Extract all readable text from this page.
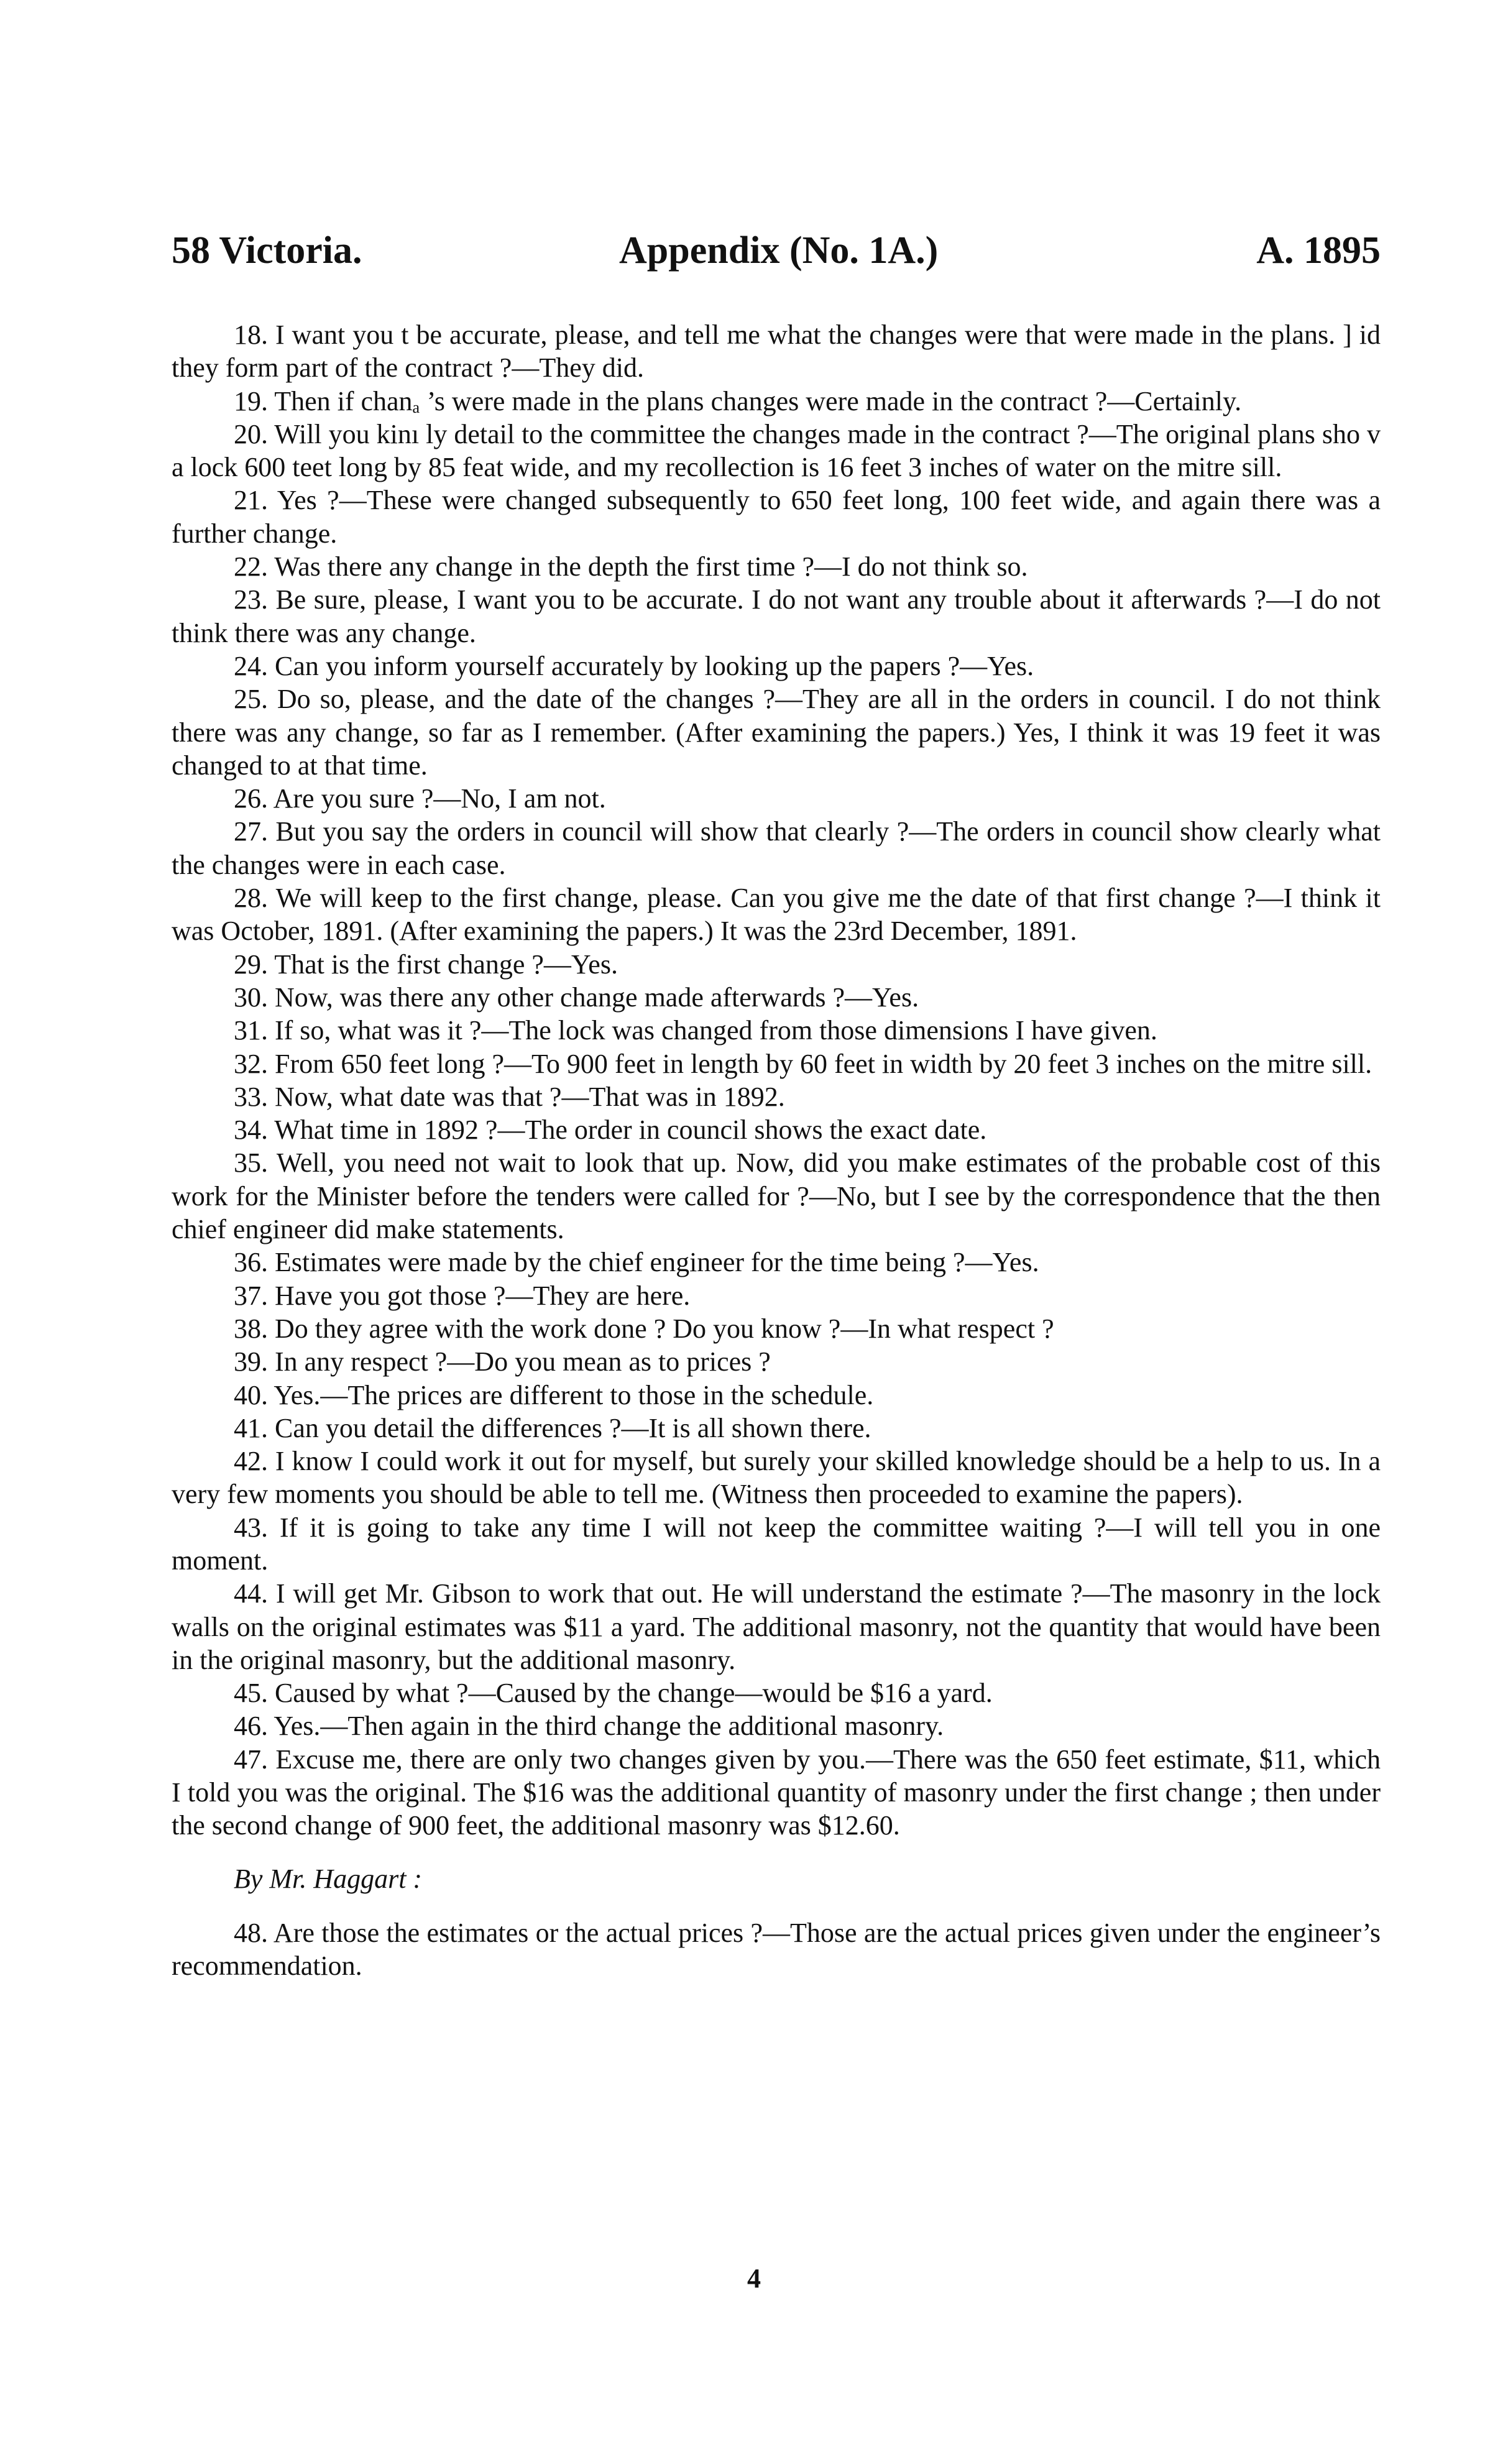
58 Victoria.	Appendix (No. 1A.)	A. 1895

18. I want you t be accurate, please, and tell me what the changes were that were made in the plans. ] id they form part of the contract ?—They did.

19. Then if chanₐ ’s were made in the plans changes were made in the contract ?—Certainly.

20. Will you kinı ly detail to the committee the changes made in the contract ?—The original plans sho v a lock 600 teet long by 85 feat wide, and my recollection is 16 feet 3 inches of water on the mitre sill.

21. Yes ?—These were changed subsequently to 650 feet long, 100 feet wide, and again there was a further change.

22. Was there any change in the depth the first time ?—I do not think so.

23. Be sure, please, I want you to be accurate. I do not want any trouble about it afterwards ?—I do not think there was any change.

24. Can you inform yourself accurately by looking up the papers ?—Yes.

25. Do so, please, and the date of the changes ?—They are all in the orders in council. I do not think there was any change, so far as I remember. (After examining the papers.) Yes, I think it was 19 feet it was changed to at that time.

26. Are you sure ?—No, I am not.

27. But you say the orders in council will show that clearly ?—The orders in council show clearly what the changes were in each case.

28. We will keep to the first change, please. Can you give me the date of that first change ?—I think it was October, 1891. (After examining the papers.) It was the 23rd December, 1891.

29. That is the first change ?—Yes.

30. Now, was there any other change made afterwards ?—Yes.

31. If so, what was it ?—The lock was changed from those dimensions I have given.

32. From 650 feet long ?—To 900 feet in length by 60 feet in width by 20 feet 3 inches on the mitre sill.

33. Now, what date was that ?—That was in 1892.

34. What time in 1892 ?—The order in council shows the exact date.

35. Well, you need not wait to look that up. Now, did you make estimates of the probable cost of this work for the Minister before the tenders were called for ?—No, but I see by the correspondence that the then chief engineer did make statements.

36. Estimates were made by the chief engineer for the time being ?—Yes.

37. Have you got those ?—They are here.

38. Do they agree with the work done ? Do you know ?—In what respect ?

39. In any respect ?—Do you mean as to prices ?

40. Yes.—The prices are different to those in the schedule.

41. Can you detail the differences ?—It is all shown there.

42. I know I could work it out for myself, but surely your skilled knowledge should be a help to us. In a very few moments you should be able to tell me. (Witness then proceeded to examine the papers).

43. If it is going to take any time I will not keep the committee waiting ?—I will tell you in one moment.

44. I will get Mr. Gibson to work that out. He will understand the estimate ?—The masonry in the lock walls on the original estimates was $11 a yard. The additional masonry, not the quantity that would have been in the original masonry, but the additional masonry.

45. Caused by what ?—Caused by the change—would be $16 a yard.

46. Yes.—Then again in the third change the additional masonry.

47. Excuse me, there are only two changes given by you.—There was the 650 feet estimate, $11, which I told you was the original. The $16 was the additional quantity of masonry under the first change ; then under the second change of 900 feet, the additional masonry was $12.60.

By Mr. Haggart :

48. Are those the estimates or the actual prices ?—Those are the actual prices given under the engineer’s recommendation.

4
